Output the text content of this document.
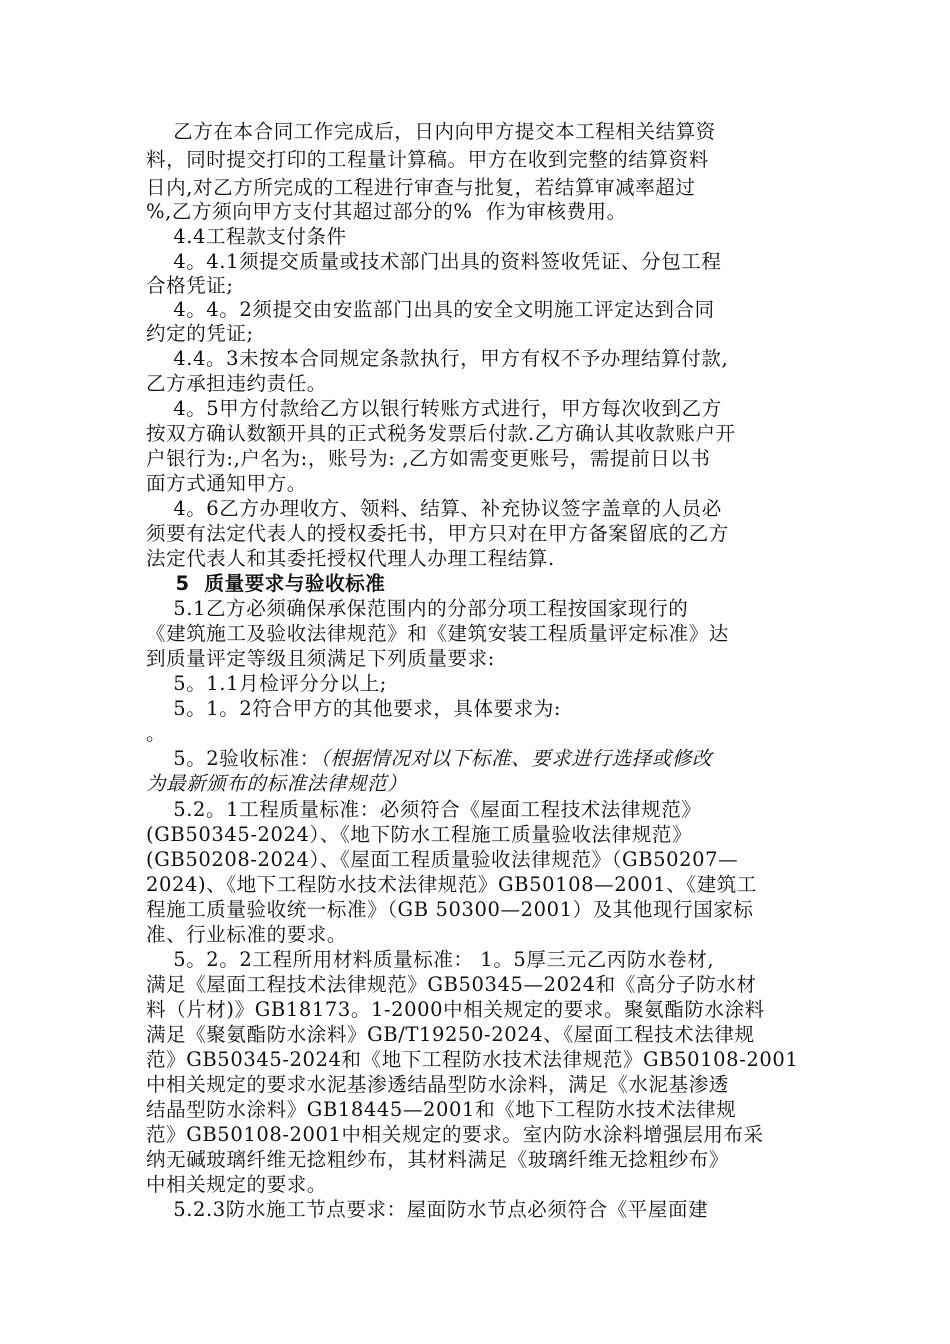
乙方在本合同工作完成后，日内向甲方提交本工程相关结算资
料，同时提交打印的工程量计算稿。甲方在收到完整的结算资料
日内,对乙方所完成的工程进行审查与批复，若结算审减率超过
%,乙方须向甲方支付其超过部分的%  作为审核费用。
4.4工程款支付条件
4。4.1须提交质量或技术部门出具的资料签收凭证、分包工程
合格凭证;
4。4。2须提交由安监部门出具的安全文明施工评定达到合同
约定的凭证;
4.4。3未按本合同规定条款执行，甲方有权不予办理结算付款,
乙方承担违约责任。
4。5甲方付款给乙方以银行转账方式进行，甲方每次收到乙方
按双方确认数额开具的正式税务发票后付款.乙方确认其收款账户开
户银行为:,户名为:，账号为: ,乙方如需变更账号，需提前日以书
面方式通知甲方。
4。6乙方办理收方、领料、结算、补充协议签字盖章的人员必
须要有法定代表人的授权委托书，甲方只对在甲方备案留底的乙方
法定代表人和其委托授权代理人办理工程结算.
5  质量要求与验收标准
5.1乙方必须确保承保范围内的分部分项工程按国家现行的
《建筑施工及验收法律规范》和《建筑安装工程质量评定标准》达
到质量评定等级且须满足下列质量要求:
5。1.1月检评分分以上;
5。1。2符合甲方的其他要求，具体要求为:
。
5。2验收标准：（根据情况对以下标准、要求进行选择或修改
为最新颁布的标准法律规范）
5.2。1工程质量标准：必须符合《屋面工程技术法律规范》
(GB50345-2024）、《地下防水工程施工质量验收法律规范》
(GB50208-2024）、《屋面工程质量验收法律规范》（GB50207—
2024)、《地下工程防水技术法律规范》GB50108—2001、《建筑工
程施工质量验收统一标准》（GB 50300—2001）及其他现行国家标
准、行业标准的要求。
5。2。2工程所用材料质量标准： 1。5厚三元乙丙防水卷材,
满足《屋面工程技术法律规范》GB50345—2024和《高分子防水材
料（片材)》GB18173。1-2000中相关规定的要求。聚氨酯防水涂料
满足《聚氨酯防水涂料》GB/T19250-2024、《屋面工程技术法律规
范》GB50345-2024和《地下工程防水技术法律规范》GB50108-2001
中相关规定的要求水泥基渗透结晶型防水涂料，满足《水泥基渗透
结晶型防水涂料》GB18445—2001和《地下工程防水技术法律规
范》GB50108-2001中相关规定的要求。室内防水涂料增强层用布采
纳无碱玻璃纤维无捻粗纱布，其材料满足《玻璃纤维无捻粗纱布》
中相关规定的要求。
5.2.3防水施工节点要求：屋面防水节点必须符合《平屋面建
